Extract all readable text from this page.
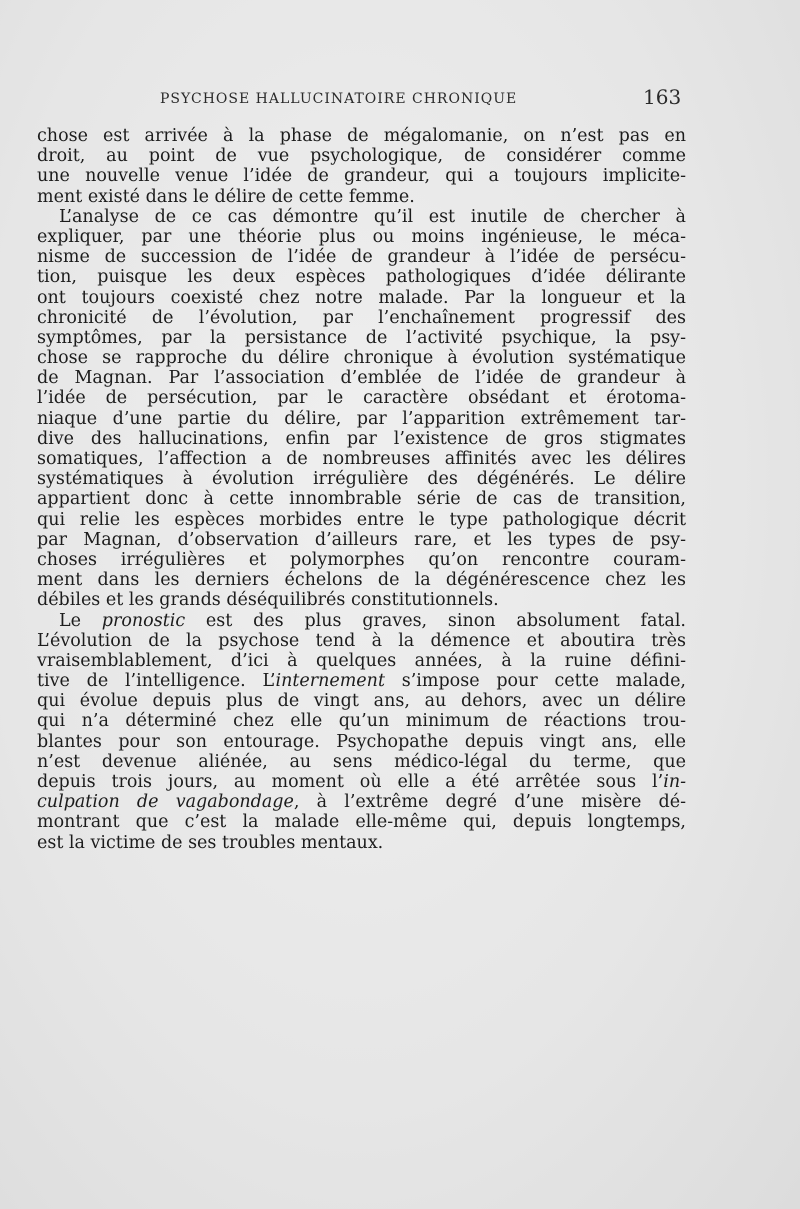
PSYCHOSE HALLUCINATOIRE CHRONIQUE	163
chose est arrivée à la phase de mégalomanie, on n’est pas en
droit, au point de vue psychologique, de considérer comme
une nouvelle venue l’idée de grandeur, qui a toujours implicite-
ment existé dans le délire de cette femme.
L’analyse de ce cas démontre qu’il est inutile de chercher à
expliquer, par une théorie plus ou moins ingénieuse, le méca-
nisme de succession de l’idée de grandeur à l’idée de persécu-
tion, puisque les deux espèces pathologiques d’idée délirante
ont toujours coexisté chez notre malade. Par la longueur et la
chronicité de l’évolution, par l’enchaînement progressif des
symptômes, par la persistance de l’activité psychique, la psy-
chose se rapproche du délire chronique à évolution systématique
de Magnan. Par l’association d’emblée de l’idée de grandeur à
l’idée de persécution, par le caractère obsédant et érotoma-
niaque d’une partie du délire, par l’apparition extrêmement tar-
dive des hallucinations, enfin par l’existence de gros stigmates
somatiques, l’affection a de nombreuses affinités avec les délires
systématiques à évolution irrégulière des dégénérés. Le délire
appartient donc à cette innombrable série de cas de transition,
qui relie les espèces morbides entre le type pathologique décrit
par Magnan, d’observation d’ailleurs rare, et les types de psy-
choses irrégulières et polymorphes qu’on rencontre couram-
ment dans les derniers échelons de la dégénérescence chez les
débiles et les grands déséquilibrés constitutionnels.
Le pronostic est des plus graves, sinon absolument fatal.
L’évolution de la psychose tend à la démence et aboutira très
vraisemblablement, d’ici à quelques années, à la ruine défini-
tive de l’intelligence. L’internement s’impose pour cette malade,
qui évolue depuis plus de vingt ans, au dehors, avec un délire
qui n’a déterminé chez elle qu’un minimum de réactions trou-
blantes pour son entourage. Psychopathe depuis vingt ans, elle
n’est devenue aliénée, au sens médico-légal du terme, que
depuis trois jours, au moment où elle a été arrêtée sous l’in-
culpation de vagabondage, à l’extrême degré d’une misère dé-
montrant que c’est la malade elle-même qui, depuis longtemps,
est la victime de ses troubles mentaux.
